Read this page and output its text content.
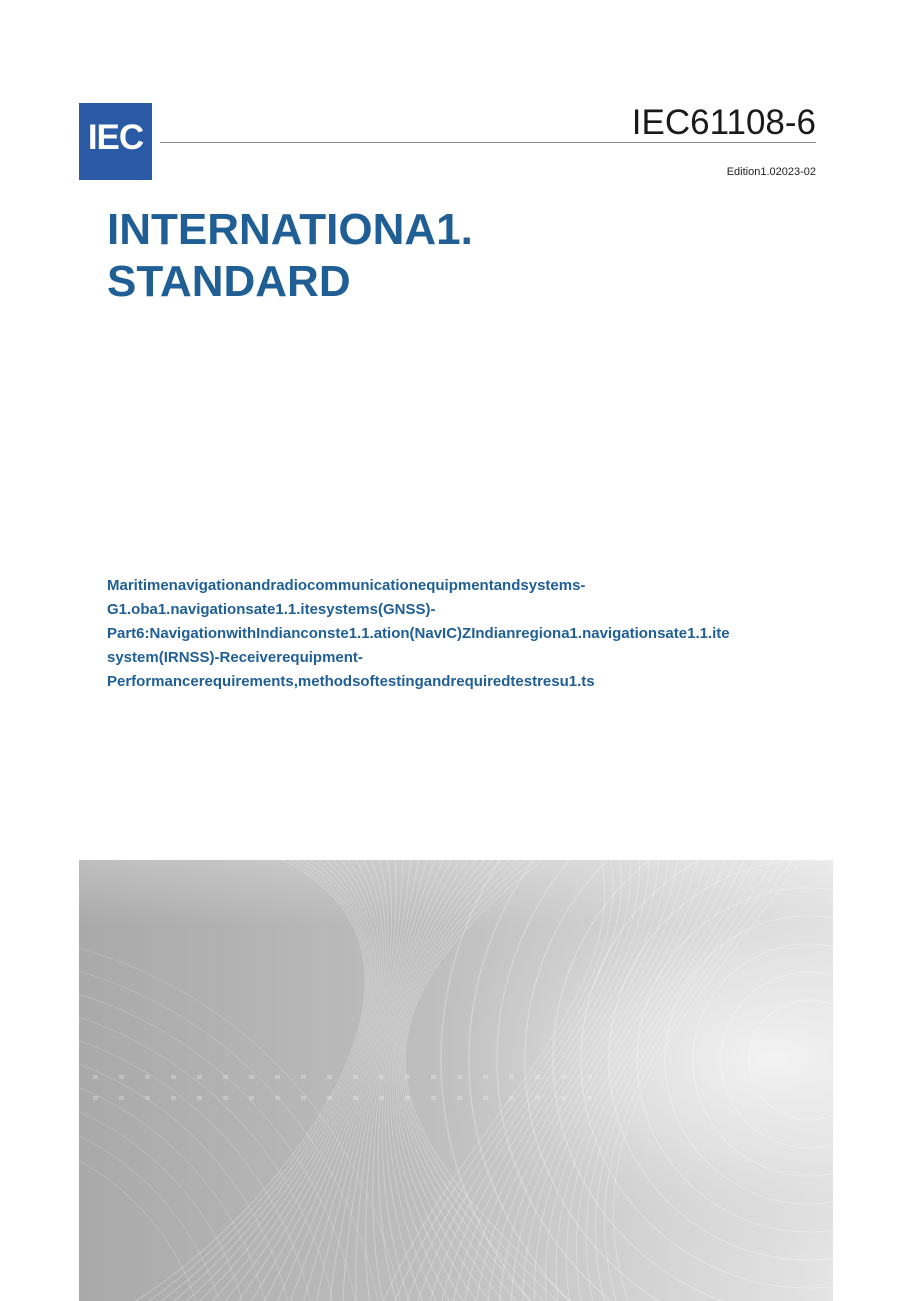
IEC	IEC61108-6
Edition1.02023-02
INTERNATIONA1.
STANDARD
Maritimenavigationandradiocommunicationequipmentandsystems-
G1.oba1.navigationsate1.1.itesystems(GNSS)-
Part6:NavigationwithIndianconste1.1.ation(NavIC)ZIndianregiona1.navigationsate1.1.ite
system(IRNSS)-Receiverequipment-
Performancerequirements,methodsoftestingandrequiredtestresu1.ts
